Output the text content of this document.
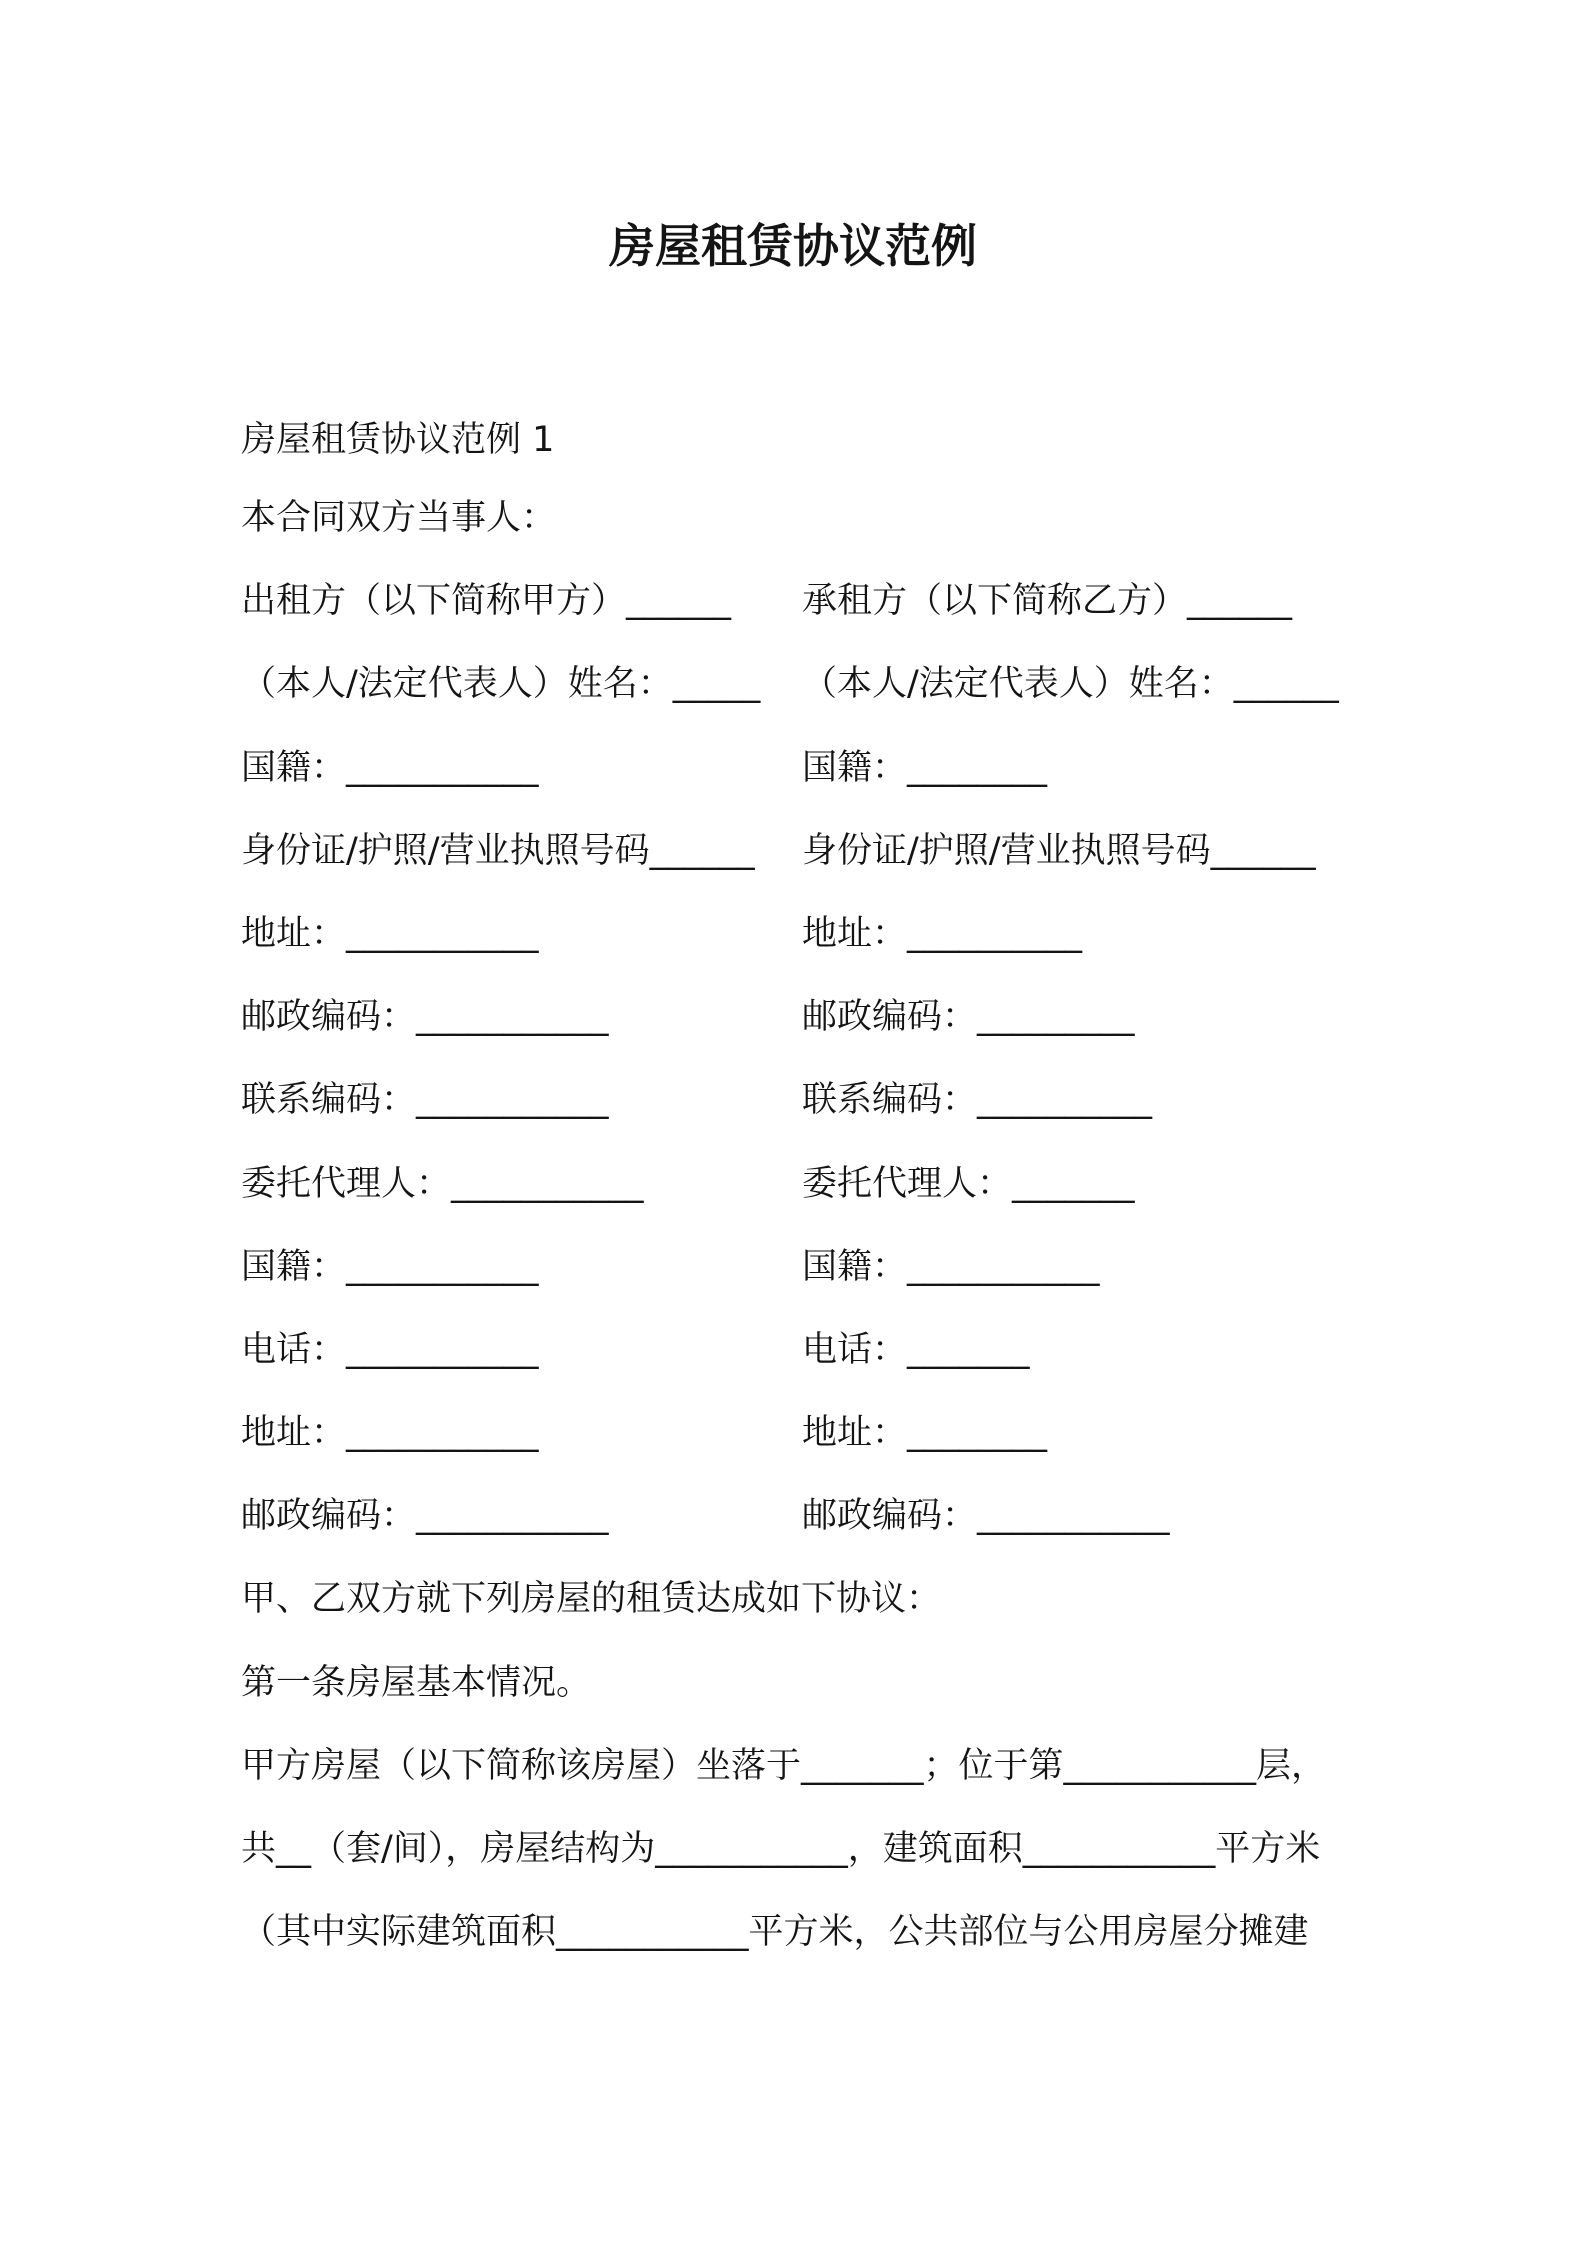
房屋租赁协议范例
房屋租赁协议范例 1
本合同双方当事人：
出租方（以下简称甲方）______	承租方（以下简称乙方）______
（本人/法定代表人）姓名：_____	（本人/法定代表人）姓名：______
国籍：___________	国籍：________
身份证/护照/营业执照号码______	身份证/护照/营业执照号码______
地址：___________	地址：__________
邮政编码：___________	邮政编码：_________
联系编码：___________	联系编码：__________
委托代理人：___________	委托代理人：_______
国籍：___________	国籍：___________
电话：___________	电话：_______
地址：___________	地址：________
邮政编码：___________	邮政编码：___________
甲、乙双方就下列房屋的租赁达成如下协议：
第一条房屋基本情况。
甲方房屋（以下简称该房屋）坐落于_______；位于第___________层，
共__（套/间），房屋结构为___________，建筑面积___________平方米
（其中实际建筑面积___________平方米，公共部位与公用房屋分摊建
